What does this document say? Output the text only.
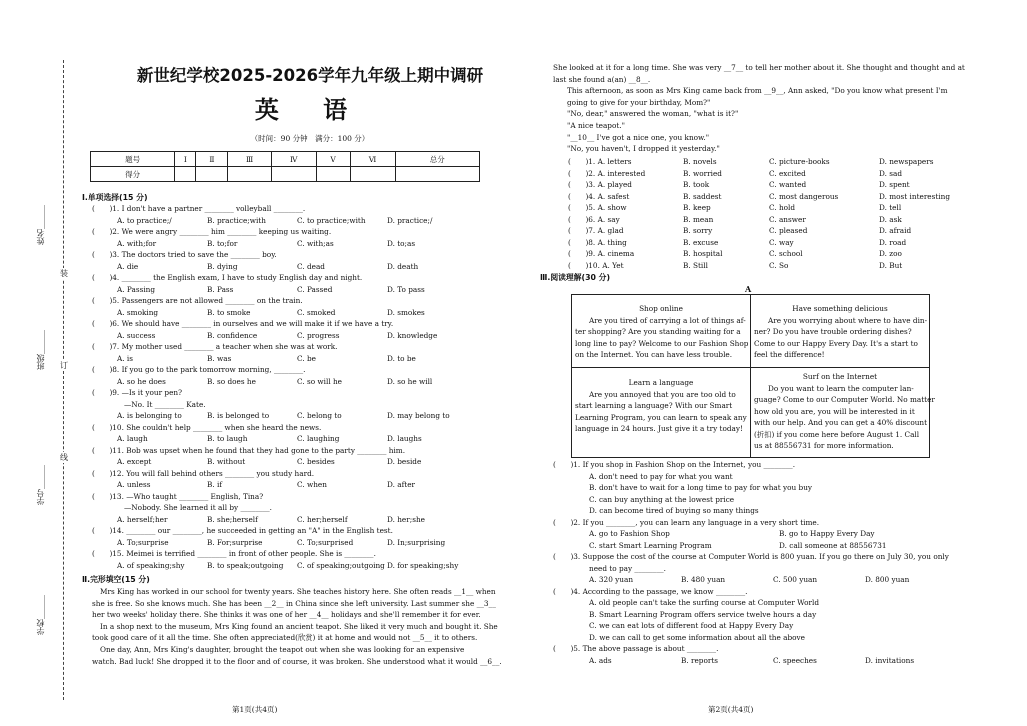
姓名______
班级______
学号______
学校______
装
订
线
新世纪学校2025-2026学年九年级上期中调研
英 语
（时间：90 分钟　满分：100 分）
题号	Ⅰ	Ⅱ	Ⅲ	Ⅳ	Ⅴ	Ⅵ	总分
得分							
Ⅰ.单项选择(15 分)
(　　)1. I don't have a partner ________ volleyball ________.
A. to practice;/	B. practice;with	C. to practice;with	D. practice;/
(　　)2. We were angry ________ him ________ keeping us waiting.
A. with;for	B. to;for	C. with;as	D. to;as
(　　)3. The doctors tried to save the ________ boy.
A. die	B. dying	C. dead	D. death
(　　)4. ________ the English exam, I have to study English day and night.
A. Passing	B. Pass	C. Passed	D. To pass
(　　)5. Passengers are not allowed ________ on the train.
A. smoking	B. to smoke	C. smoked	D. smokes
(　　)6. We should have ________ in ourselves and we will make it if we have a try.
A. success	B. confidence	C. progress	D. knowledge
(　　)7. My mother used ________ a teacher when she was at work.
A. is	B. was	C. be	D. to be
(　　)8. If you go to the park tomorrow morning, ________.
A. so he does	B. so does he	C. so will he	D. so he will
(　　)9. —Is it your pen?
—No. It ________ Kate.
A. is belonging to	B. is belonged to	C. belong to	D. may belong to
(　　)10. She couldn't help ________ when she heard the news.
A. laugh	B. to laugh	C. laughing	D. laughs
(　　)11. Bob was upset when he found that they had gone to the party ________ him.
A. except	B. without	C. besides	D. beside
(　　)12. You will fall behind others ________ you study hard.
A. unless	B. if	C. when	D. after
(　　)13. —Who taught ________ English, Tina?
—Nobody. She learned it all by ________.
A. herself;her	B. she;herself	C. her;herself	D. her;she
(　　)14. ________ our ________, he succeeded in getting an "A" in the English test.
A. To;surprise	B. For;surprise	C. To;surprised	D. In;surprising
(　　)15. Meimei is terrified ________ in front of other people. She is ________.
A. of speaking;shy	B. to speak;outgoing C. of speaking;outgoing D. for speaking;shy
Ⅱ.完形填空(15 分)
Mrs King has worked in our school for twenty years. She teaches history here. She often reads __1__ when
she is free. So she knows much. She has been __2__ in China since she left university. Last summer she __3__
her two weeks' holiday there. She thinks it was one of her __4__ holidays and she'll remember it for ever.
In a shop next to the museum, Mrs King found an ancient teapot. She liked it very much and bought it. She
took good care of it all the time. She often appreciated(欣赏) it at home and would not __5__ it to others.
One day, Ann, Mrs King's daughter, brought the teapot out when she was looking for an expensive
watch. Bad luck! She dropped it to the floor and of course, it was broken. She understood what it would __6__.
She looked at it for a long time. She was very __7__ to tell her mother about it. She thought and thought and at
last she found a(an) __8__.
This afternoon, as soon as Mrs King came back from __9__, Ann asked, "Do you know what present I'm
going to give for your birthday, Mom?"
"No, dear," answered the woman, "what is it?"
"A nice teapot."
"__10__ I've got a nice one, you know."
"No, you haven't, I dropped it yesterday."
(　　)1. A. letters	B. novels	C. picture-books	D. newspapers
(　　)2. A. interested	B. worried	C. excited	D. sad
(　　)3. A. played	B. took	C. wanted	D. spent
(　　)4. A. safest	B. saddest	C. most dangerous	D. most interesting
(　　)5. A. show	B. keep	C. hold	D. tell
(　　)6. A. say	B. mean	C. answer	D. ask
(　　)7. A. glad	B. sorry	C. pleased	D. afraid
(　　)8. A. thing	B. excuse	C. way	D. road
(　　)9. A. cinema	B. hospital	C. school	D. zoo
(　　)10. A. Yet	B. Still	C. So	D. But
Ⅲ.阅读理解(30 分)
A
Shop online
Are you tired of carrying a lot of things af-
ter shopping? Are you standing waiting for a
long line to pay? Welcome to our Fashion Shop
on the Internet. You can have less trouble.
Have something delicious
Are you worrying about where to have din-
ner? Do you have trouble ordering dishes?
Come to our Happy Every Day. It's a start to
feel the difference!
Learn a language
Are you annoyed that you are too old to
start learning a language? With our Smart
Learning Program, you can learn to speak any
language in 24 hours. Just give it a try today!
Surf on the Internet
Do you want to learn the computer lan-
guage? Come to our Computer World. No matter
how old you are, you will be interested in it
with our help. And you can get a 40% discount
(折扣) if you come here before August 1. Call
us at 88556731 for more information.
(　　)1. If you shop in Fashion Shop on the Internet, you ________.
A. don't need to pay for what you want
B. don't have to wait for a long time to pay for what you buy
C. can buy anything at the lowest price
D. can become tired of buying so many things
(　　)2. If you ________, you can learn any language in a very short time.
A. go to Fashion Shop	B. go to Happy Every Day
C. start Smart Learning Program	D. call someone at 88556731
(　　)3. Suppose the cost of the course at Computer World is 800 yuan. If you go there on July 30, you only
need to pay ________.
A. 320 yuan	B. 480 yuan	C. 500 yuan	D. 800 yuan
(　　)4. According to the passage, we know ________.
A. old people can't take the surfing course at Computer World
B. Smart Learning Program offers service twelve hours a day
C. we can eat lots of different food at Happy Every Day
D. we can call to get some information about all the above
(　　)5. The above passage is about ________.
A. ads	B. reports	C. speeches	D. invitations
第1页(共4页)	第2页(共4页)
